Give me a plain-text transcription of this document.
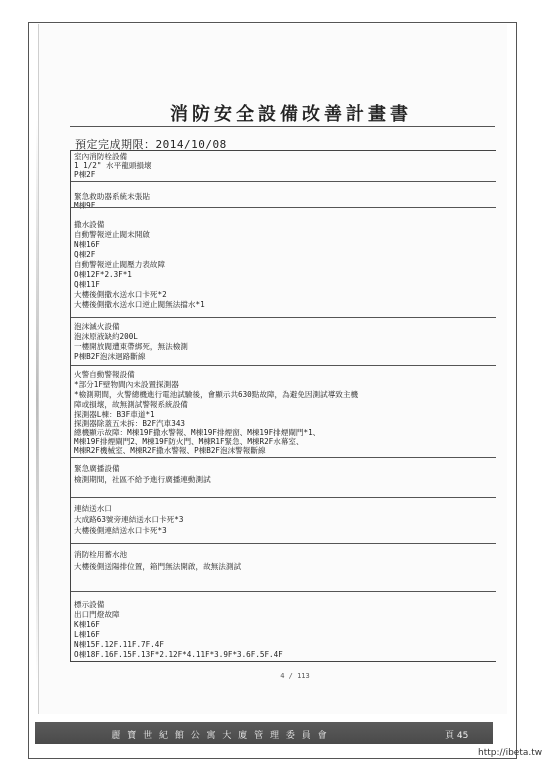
消防安全設備改善計畫書
預定完成期限：2014/10/08
室內消防栓設備
1 1/2" 水平龍頭損壞
P棟2F
緊急救助器系統未張貼
M棟9F
撒水設備
自動警報逆止閥未開啟
N棟16F
Q棟2F
自動警報逆止閥壓力表故障
O棟12F*2.3F*1
Q棟11F
大樓後側撒水送水口卡死*2
大樓後側撒水送水口逆止閥無法擋水*1
泡沫滅火設備
泡沫原液缺約200L
一樓開放閥遭東帶綁死，無法檢測
P棟B2F泡沫迴路斷線
火警自動警報設備
*部分1F壁物間內未設置探測器
*檢測期間，火警總機進行電池試驗後，會顯示共630點故障，為避免因測試導致主機
障或損壞，故無測試警報系統設備
探測器L棟：B3F車道*1
探測器除蓋五未拆：B2F汽車343
總機顯示故障：M棟19F撒水警報、M棟19F排煙窗、M棟19F排煙閘門*1、
M棟19F排煙閘門2、M棟19F防火門、M棟R1F緊急、M棟R2F水幕室、
M棟R2F機械室、M棟R2F撒水警報、P棟B2F泡沫警報斷線
緊急廣播設備
檢測期間，社區不給予進行廣播連動測試
連結送水口
大成路63號旁連結送水口卡死*3
大樓後側連結送水口卡死*3
消防栓用蓄水池
大樓後側送陽排位置，箱門無法開啟，故無法測試
標示設備
出口門燈故障
K棟16F
L棟16F
N棟15F.12F.11F.7F.4F
O棟18F.16F.15F.13F*2.12F*4.11F*3.9F*3.6F.5F.4F
4 / 113
麗 寶 世 紀 館 公 寓 大 廈 管 理 委 員 會	頁 45
http://ibeta.tw
